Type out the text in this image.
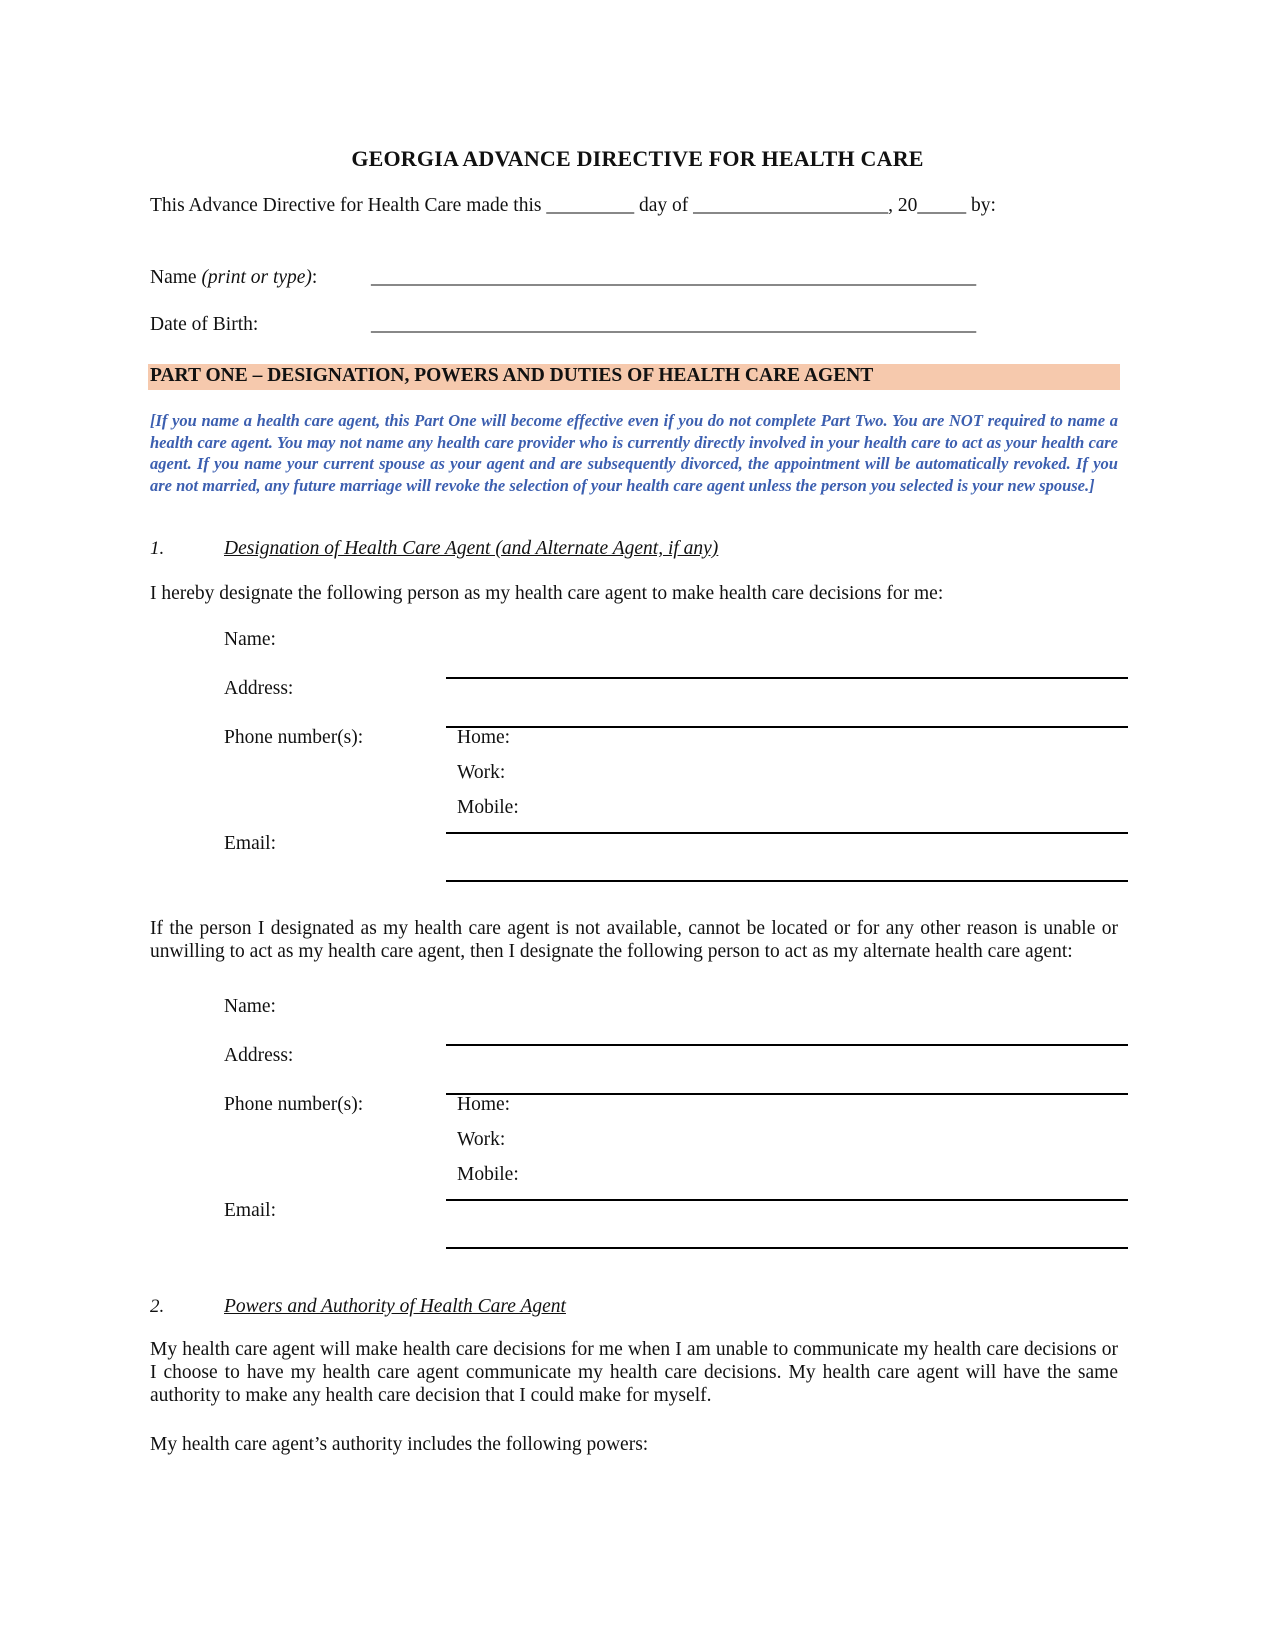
GEORGIA ADVANCE DIRECTIVE FOR HEALTH CARE
This Advance Directive for Health Care made this _________ day of ____________________, 20_____ by:
Name (print or type):	________________________________________________________________
Date of Birth:	________________________________________________________________
PART ONE – DESIGNATION, POWERS AND DUTIES OF HEALTH CARE AGENT
[If you name a health care agent, this Part One will become effective even if you do not complete Part Two. You are NOT required to name a health care agent. You may not name any health care provider who is currently directly involved in your health care to act as your health care agent. If you name your current spouse as your agent and are subsequently divorced, the appointment will be automatically revoked. If you are not married, any future marriage will revoke the selection of your health care agent unless the person you selected is your new spouse.]
1.	Designation of Health Care Agent (and Alternate Agent, if any)
I hereby designate the following person as my health care agent to make health care decisions for me:
Name:
Address:
Phone number(s):	Home:
Work:
Mobile:
Email:
If the person I designated as my health care agent is not available, cannot be located or for any other reason is unable or unwilling to act as my health care agent, then I designate the following person to act as my alternate health care agent:
Name:
Address:
Phone number(s):	Home:
Work:
Mobile:
Email:
2.	Powers and Authority of Health Care Agent
My health care agent will make health care decisions for me when I am unable to communicate my health care decisions or I choose to have my health care agent communicate my health care decisions. My health care agent will have the same authority to make any health care decision that I could make for myself.
My health care agent’s authority includes the following powers:
